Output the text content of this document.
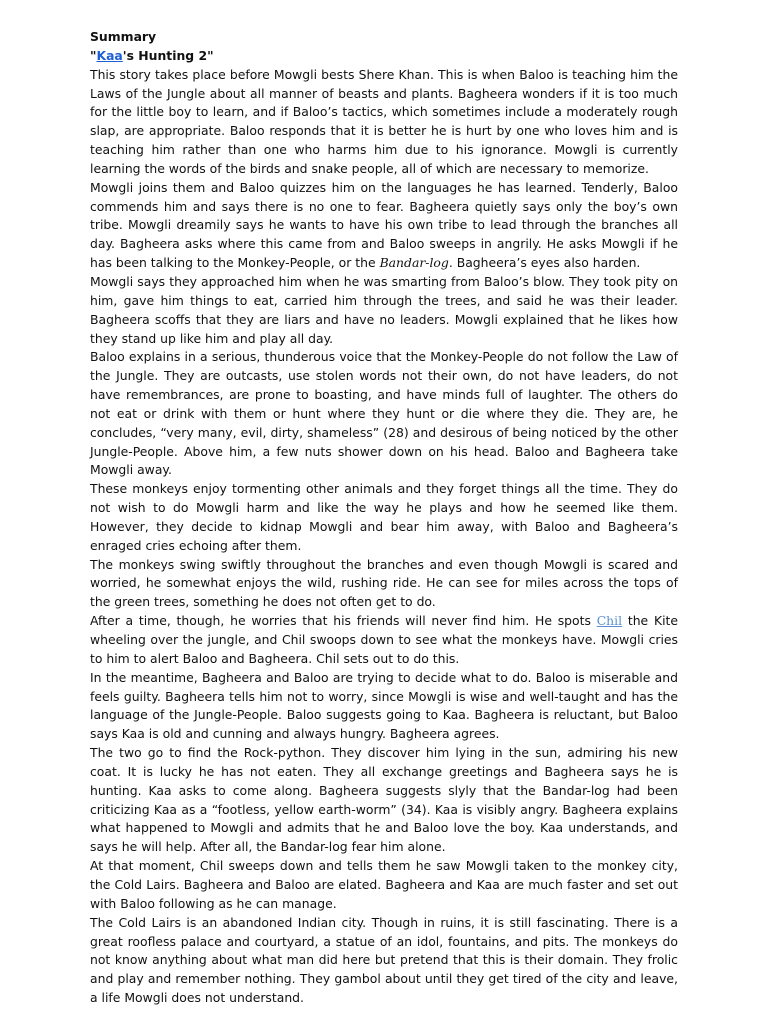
Summary
"Kaa's Hunting 2"
This story takes place before Mowgli bests Shere Khan. This is when Baloo is teaching him the Laws of the Jungle about all manner of beasts and plants. Bagheera wonders if it is too much for the little boy to learn, and if Baloo’s tactics, which sometimes include a moderately rough slap, are appropriate. Baloo responds that it is better he is hurt by one who loves him and is teaching him rather than one who harms him due to his ignorance. Mowgli is currently learning the words of the birds and snake people, all of which are necessary to memorize.
Mowgli joins them and Baloo quizzes him on the languages he has learned. Tenderly, Baloo commends him and says there is no one to fear. Bagheera quietly says only the boy’s own tribe. Mowgli dreamily says he wants to have his own tribe to lead through the branches all day. Bagheera asks where this came from and Baloo sweeps in angrily. He asks Mowgli if he has been talking to the Monkey-People, or the Bandar-log. Bagheera’s eyes also harden.
Mowgli says they approached him when he was smarting from Baloo’s blow. They took pity on him, gave him things to eat, carried him through the trees, and said he was their leader. Bagheera scoffs that they are liars and have no leaders. Mowgli explained that he likes how they stand up like him and play all day.
Baloo explains in a serious, thunderous voice that the Monkey-People do not follow the Law of the Jungle. They are outcasts, use stolen words not their own, do not have leaders, do not have remembrances, are prone to boasting, and have minds full of laughter. The others do not eat or drink with them or hunt where they hunt or die where they die. They are, he concludes, “very many, evil, dirty, shameless” (28) and desirous of being noticed by the other Jungle-People. Above him, a few nuts shower down on his head. Baloo and Bagheera take Mowgli away.
These monkeys enjoy tormenting other animals and they forget things all the time. They do not wish to do Mowgli harm and like the way he plays and how he seemed like them. However, they decide to kidnap Mowgli and bear him away, with Baloo and Bagheera’s enraged cries echoing after them.
The monkeys swing swiftly throughout the branches and even though Mowgli is scared and worried, he somewhat enjoys the wild, rushing ride. He can see for miles across the tops of the green trees, something he does not often get to do.
After a time, though, he worries that his friends will never find him. He spots Chil the Kite wheeling over the jungle, and Chil swoops down to see what the monkeys have. Mowgli cries to him to alert Baloo and Bagheera. Chil sets out to do this.
In the meantime, Bagheera and Baloo are trying to decide what to do. Baloo is miserable and feels guilty. Bagheera tells him not to worry, since Mowgli is wise and well-taught and has the language of the Jungle-People. Baloo suggests going to Kaa. Bagheera is reluctant, but Baloo says Kaa is old and cunning and always hungry. Bagheera agrees.
The two go to find the Rock-python. They discover him lying in the sun, admiring his new coat. It is lucky he has not eaten. They all exchange greetings and Bagheera says he is hunting. Kaa asks to come along. Bagheera suggests slyly that the Bandar-log had been criticizing Kaa as a “footless, yellow earth-worm” (34). Kaa is visibly angry. Bagheera explains what happened to Mowgli and admits that he and Baloo love the boy. Kaa understands, and says he will help. After all, the Bandar-log fear him alone.
At that moment, Chil sweeps down and tells them he saw Mowgli taken to the monkey city, the Cold Lairs. Bagheera and Baloo are elated. Bagheera and Kaa are much faster and set out with Baloo following as he can manage.
The Cold Lairs is an abandoned Indian city. Though in ruins, it is still fascinating. There is a great roofless palace and courtyard, a statue of an idol, fountains, and pits. The monkeys do not know anything about what man did here but pretend that this is their domain. They frolic and play and remember nothing. They gambol about until they get tired of the city and leave, a life Mowgli does not understand.
